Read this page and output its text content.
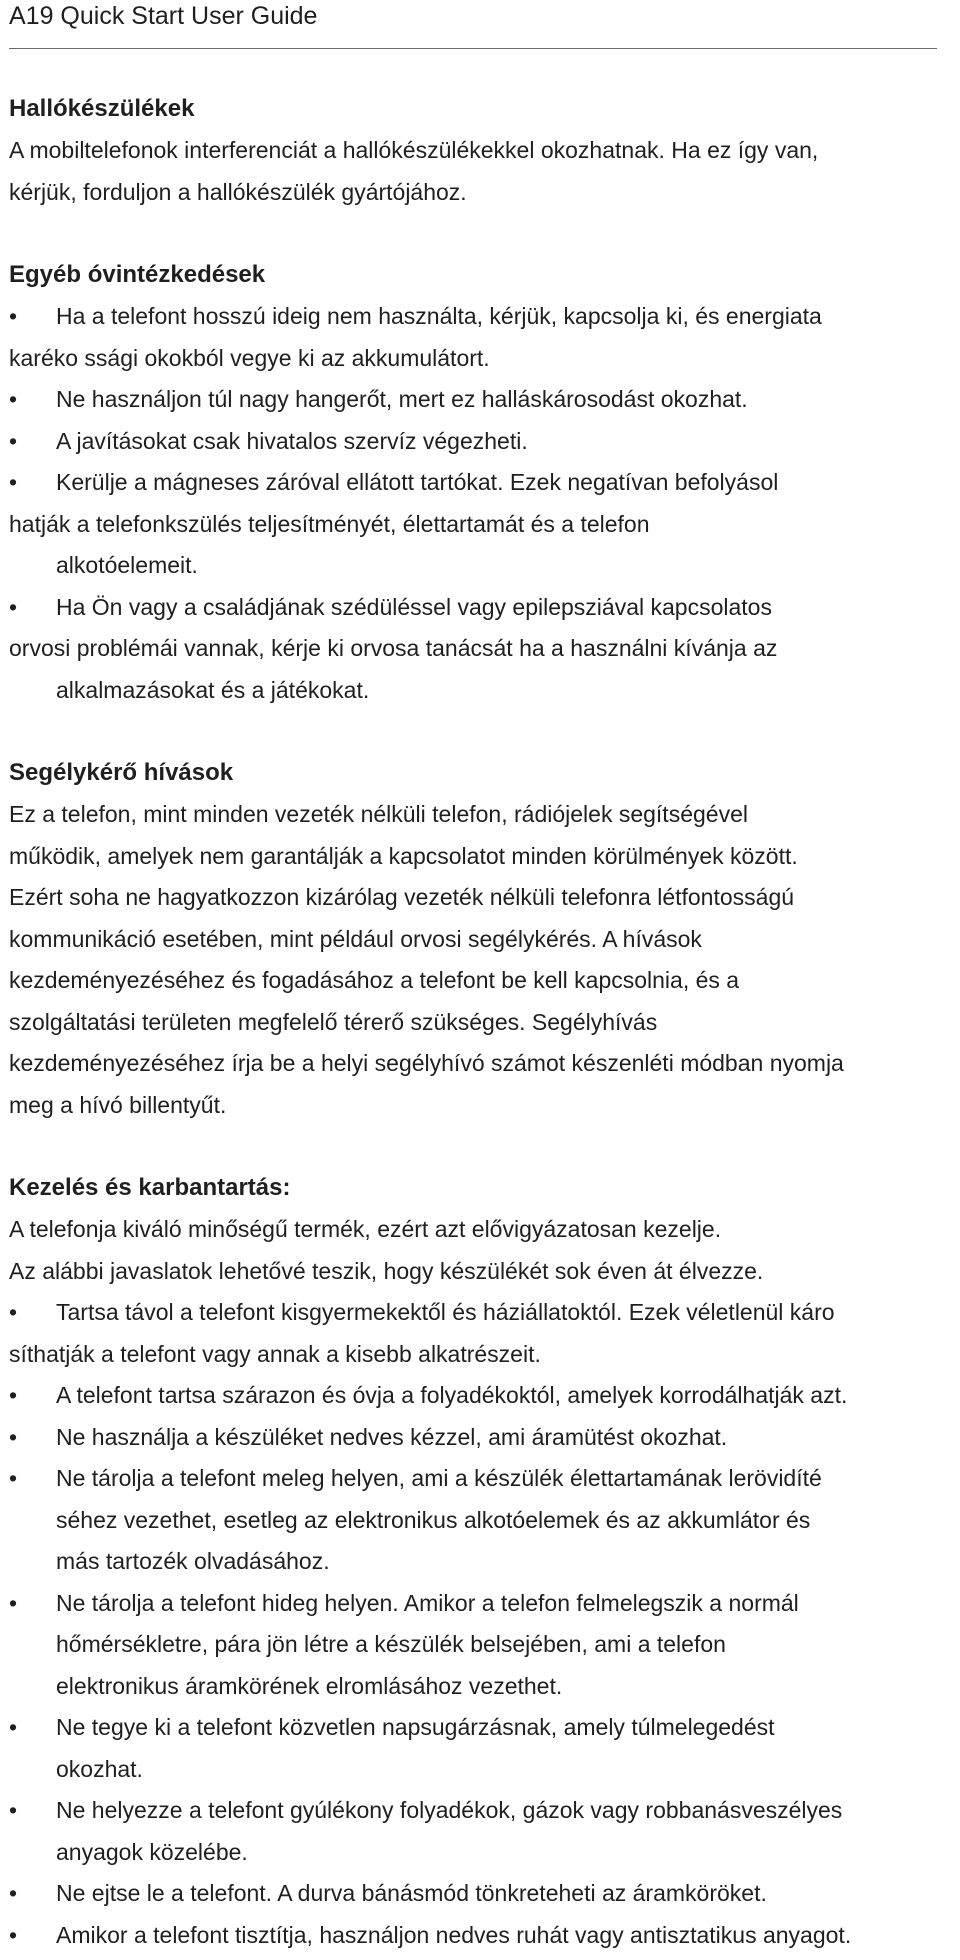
A19 Quick Start User Guide
Hallókészülékek
A mobiltelefonok interferenciát a hallókészülékekkel okozhatnak. Ha ez így van,
kérjük, forduljon a hallókészülék gyártójához.
Egyéb óvintézkedések
• Ha a telefont hosszú ideig nem használta, kérjük, kapcsolja ki, és energiata
karéko ssági okokból vegye ki az akkumulátort.
• Ne használjon túl nagy hangerőt, mert ez halláskárosodást okozhat.
• A javításokat csak hivatalos szervíz végezheti.
• Kerülje a mágneses záróval ellátott tartókat. Ezek negatívan befolyásol
hatják a telefonkszülés teljesítményét, élettartamát és a telefon
alkotóelemeit.
• Ha Ön vagy a családjának szédüléssel vagy epilepsziával kapcsolatos
orvosi problémái vannak, kérje ki orvosa tanácsát ha a használni kívánja az
alkalmazásokat és a játékokat.
Segélykérő hívások
Ez a telefon, mint minden vezeték nélküli telefon, rádiójelek segítségével
működik, amelyek nem garantálják a kapcsolatot minden körülmények között.
Ezért soha ne hagyatkozzon kizárólag vezeték nélküli telefonra létfontosságú
kommunikáció esetében, mint például orvosi segélykérés. A hívások
kezdeményezéséhez és fogadásához a telefont be kell kapcsolnia, és a
szolgáltatási területen megfelelő térerő szükséges. Segélyhívás
kezdeményezéséhez írja be a helyi segélyhívó számot készenléti módban nyomja
meg a hívó billentyűt.
Kezelés és karbantartás:
A telefonja kiváló minőségű termék, ezért azt elővigyázatosan kezelje.
Az alábbi javaslatok lehetővé teszik, hogy készülékét sok éven át élvezze.
• Tartsa távol a telefont kisgyermekektől és háziállatoktól. Ezek véletlenül káro
síthatják a telefont vagy annak a kisebb alkatrészeit.
• A telefont tartsa szárazon és óvja a folyadékoktól, amelyek korrodálhatják azt.
• Ne használja a készüléket nedves kézzel, ami áramütést okozhat.
• Ne tárolja a telefont meleg helyen, ami a készülék élettartamának lerövidíté
séhez vezethet, esetleg az elektronikus alkotóelemek és az akkumlátor és
más tartozék olvadásához.
• Ne tárolja a telefont hideg helyen. Amikor a telefon felmelegszik a normál
hőmérsékletre, pára jön létre a készülék belsejében, ami a telefon
elektronikus áramkörének elromlásához vezethet.
• Ne tegye ki a telefont közvetlen napsugárzásnak, amely túlmelegedést
okozhat.
• Ne helyezze a telefont gyúlékony folyadékok, gázok vagy robbanásveszélyes
anyagok közelébe.
• Ne ejtse le a telefont. A durva bánásmód tönkreteheti az áramköröket.
• Amikor a telefont tisztítja, használjon nedves ruhát vagy antisztatikus anyagot.
